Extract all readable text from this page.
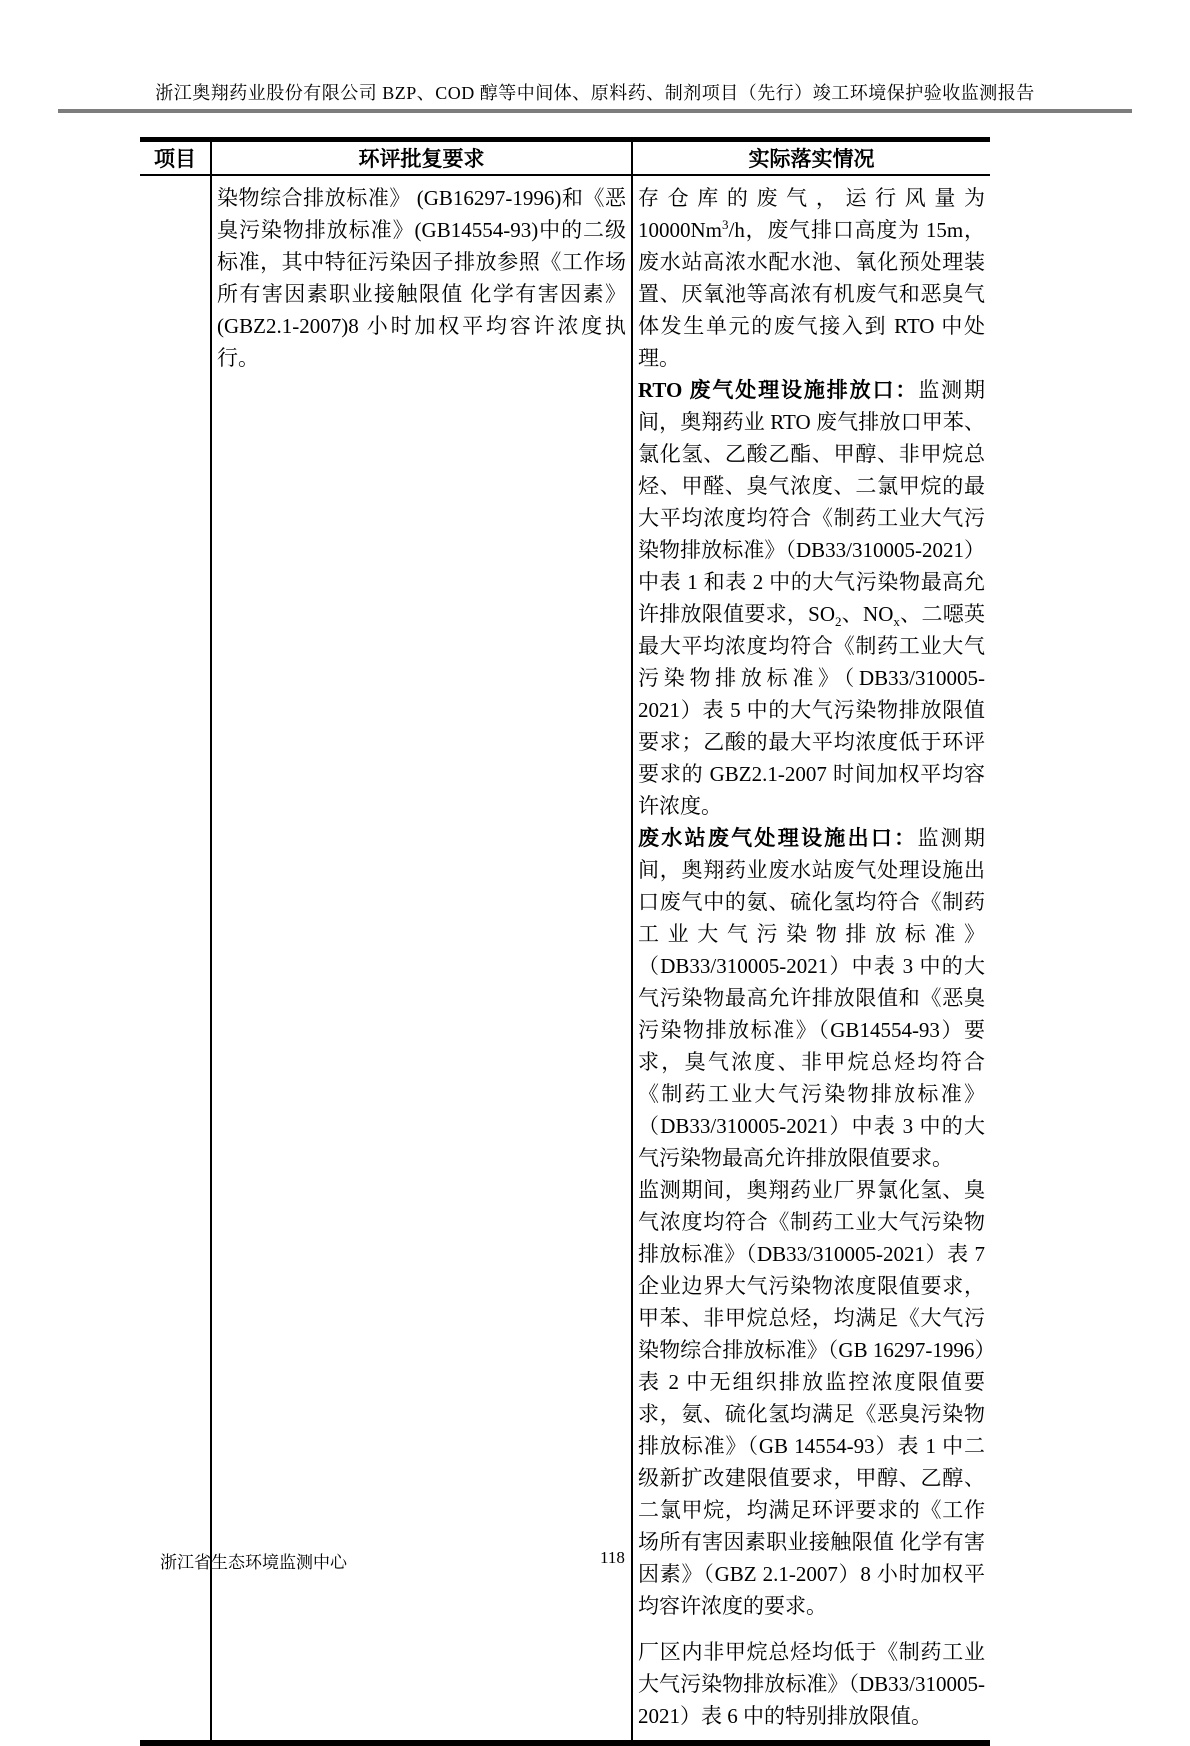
浙江奥翔药业股份有限公司 BZP、COD 醇等中间体、原料药、制剂项目（先行）竣工环境保护验收监测报告
项目	环评批复要求	实际落实情况

	染物综合排放标准》 (GB16297-1996)和《恶臭污染物排放标准》(GB14554-93)中的二级标准，其中特征污染因子排放参照《工作场所有害因素职业接触限值 化学有害因素》(GBZ2.1-2007)8 小时加权平均容许浓度执行。	存仓库的废气，运行风量为 10000Nm$^3$/h，废气排口高度为 15m，废水站高浓水配水池、氧化预处理装置、厌氧池等高浓有机废气和恶臭气体发生单元的废气接入到 RTO 中处理。
RTO 废气处理设施排放口：监测期间，奥翔药业 RTO 废气排放口甲苯、氯化氢、乙酸乙酯、甲醇、非甲烷总烃、甲醛、臭气浓度、二氯甲烷的最大平均浓度均符合《制药工业大气污染物排放标准》（DB33/310005-2021）中表 1 和表 2 中的大气污染物最高允许排放限值要求，$SO_2$、$NO_x$、二噁英最大平均浓度均符合《制药工业大气污染物排放标准》（DB33/310005-2021）表 5 中的大气污染物排放限值要求；乙酸的最大平均浓度低于环评要求的 GBZ2.1-2007 时间加权平均容许浓度。
废水站废气处理设施出口：监测期间，奥翔药业废水站废气处理设施出口废气中的氨、硫化氢均符合《制药工业大气污染物排放标准》（DB33/310005-2021）中表 3 中的大气污染物最高允许排放限值和《恶臭污染物排放标准》（GB14554-93）要求，臭气浓度、非甲烷总烃均符合《制药工业大气污染物排放标准》（DB33/310005-2021）中表 3 中的大气污染物最高允许排放限值要求。
监测期间，奥翔药业厂界氯化氢、臭气浓度均符合《制药工业大气污染物排放标准》（DB33/310005-2021）表 7 企业边界大气污染物浓度限值要求，甲苯、非甲烷总烃，均满足《大气污染物综合排放标准》（GB 16297-1996）表 2 中无组织排放监控浓度限值要求，氨、硫化氢均满足《恶臭污染物排放标准》（GB 14554-93）表 1 中二级新扩改建限值要求，甲醇、乙醇、二氯甲烷，均满足环评要求的《工作场所有害因素职业接触限值 化学有害因素》（GBZ 2.1-2007）8 小时加权平均容许浓度的要求。
厂区内非甲烷总烃均低于《制药工业大气污染物排放标准》（DB33/310005-2021）表 6 中的特别排放限值。
浙江省生态环境监测中心	118
